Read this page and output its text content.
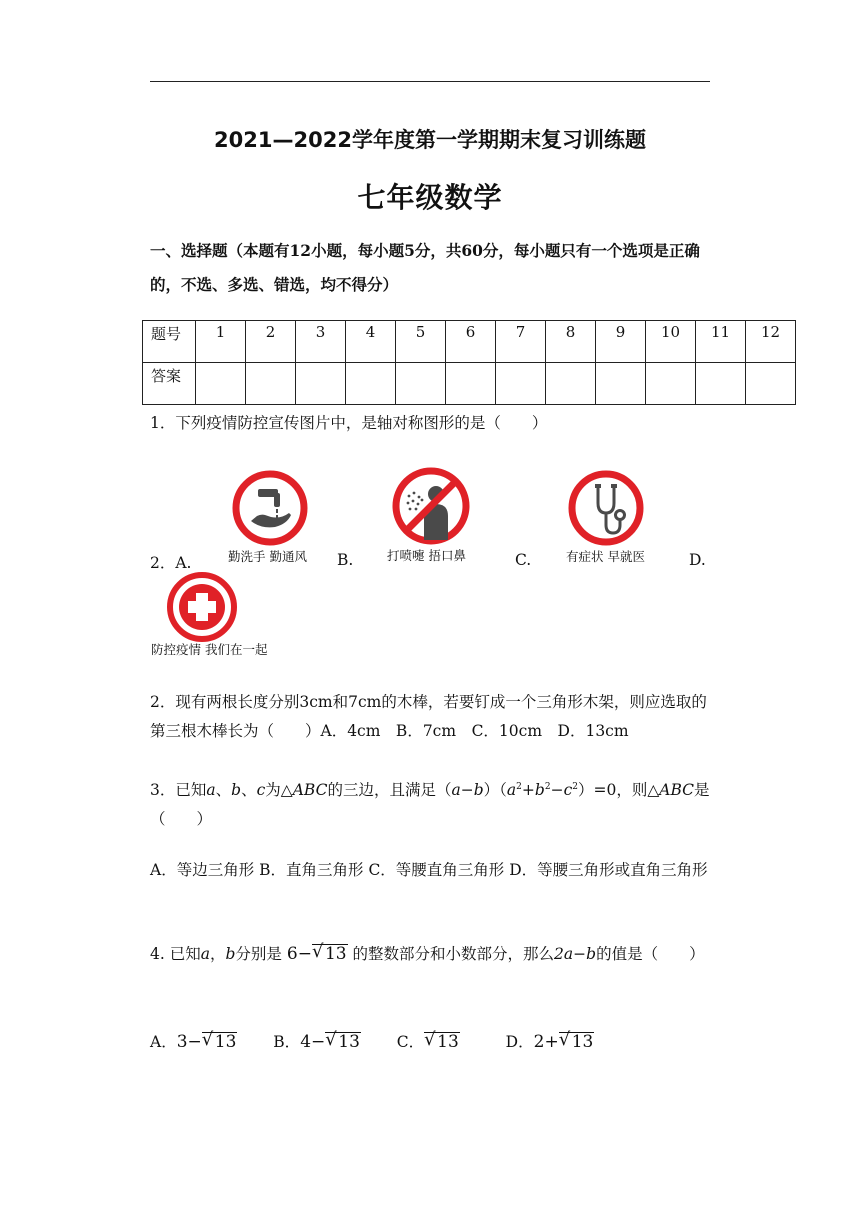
2021—2022学年度第一学期期末复习训练题
七年级数学
一、选择题（本题有12小题，每小题5分，共60分，每小题只有一个选项是正确的，不选、多选、错选，均不得分）
题号	1	2	3	4	5	6	7	8	9	10	11	12
答案												
1．下列疫情防控宣传图片中，是轴对称图形的是（　　）
2．A.	勤洗手 勤通风 B.	打喷嚏 捂口鼻	C.	有症状 早就医	D.
防控疫情 我们在一起
2．现有两根长度分别3cm和7cm的木棒，若要钉成一个三角形木架，则应选取的第三根木棒长为（　　）A．4cm　B．7cm　C．10cm　D．13cm
3．已知a、b、c为△ABC的三边，且满足$(a-b)(a^2+b^2-c^2)=0$，则△ABC是（　　）
A．等边三角形 B．直角三角形 C．等腰直角三角形 D．等腰三角形或直角三角形
4. 已知a，b分别是 6− √ 13 的整数部分和小数部分，那么2a−b的值是（　　）
A．3− √ 13 B．4− √ 13 C． √ 13	D．2+ √ 13
